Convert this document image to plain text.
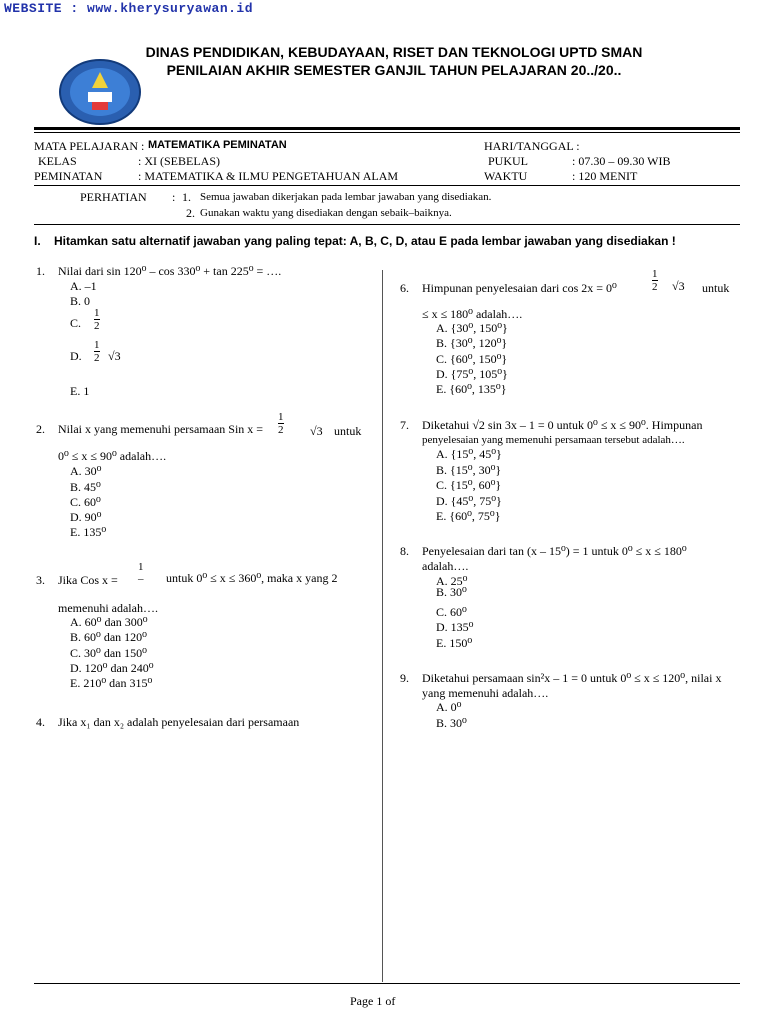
WEBSITE : www.kherysuryawan.id
DINAS PENDIDIKAN, KEBUDAYAAN, RISET DAN TEKNOLOGI UPTD SMAN
PENILAIAN AKHIR SEMESTER GANJIL TAHUN PELAJARAN 20../20..
MATA PELAJARAN : MATEMATIKA PEMINATAN
KELAS	: XI (SEBELAS)
PEMINATAN	: MATEMATIKA & ILMU PENGETAHUAN ALAM
HARI/TANGGAL :
PUKUL	: 07.30 – 09.30 WIB
WAKTU	: 120 MENIT
PERHATIAN : 1. Semua jawaban dikerjakan pada lembar jawaban yang disediakan.
2. Gunakan waktu yang disediakan dengan sebaik–baiknya.
I. Hitamkan satu alternatif jawaban yang paling tepat: A, B, C, D, atau E pada lembar jawaban yang disediakan !
1. Nilai dari sin 120⁰ – cos 330⁰ + tan 225⁰ = ….
A. –1
B. 0
C. $\frac{1}{2}$
D. $\frac{1}{2} √3$
E. 1
2. Nilai x yang memenuhi persamaan Sin $x = \frac{1}{2} √3$ untuk
0⁰ ≤ x ≤ 90⁰ adalah….
A. 30⁰
B. 45⁰
C. 60⁰
D. 90⁰
E. 135⁰
3. Jika Cos x =
1
– untuk 0⁰ ≤ x ≤ 360⁰, maka x yang 2
memenuhi adalah….
A. 60⁰ dan 300⁰
B. 60⁰ dan 120⁰
C. 30⁰ dan 150⁰
D. 120⁰ dan 240⁰
E. 210⁰ dan 315⁰
4. Jika x₁ dan x₂ adalah penyelesaian dari persamaan
6. Himpunan penyelesaian dari cos 2x = 0⁰	$\frac{1}{2} √3$ untuk
≤ x ≤ 180⁰ adalah….
A. {30⁰, 150⁰}
B. {30⁰, 120⁰}
C. {60⁰, 150⁰}
D. {75⁰, 105⁰}
E. {60⁰, 135⁰}
7. Diketahui √2 sin 3x – 1 = 0 untuk 0⁰ ≤ x ≤ 90⁰. Himpunan
penyelesaian yang memenuhi persamaan tersebut adalah….
A. {15⁰, 45⁰}
B. {15⁰, 30⁰}
C. {15⁰, 60⁰}
D. {45⁰, 75⁰}
E. {60⁰, 75⁰}
8. Penyelesaian dari tan (x – 15⁰) = 1 untuk 0⁰ ≤ x ≤ 180⁰
adalah….
A. 25⁰
B. 30⁰
C. 60⁰
D. 135⁰
E. 150⁰
9. Diketahui persamaan sin²x – 1 = 0 untuk 0⁰ ≤ x ≤ 120⁰, nilai x
yang memenuhi adalah….
A. 0⁰
B. 30⁰
Page 1 of
